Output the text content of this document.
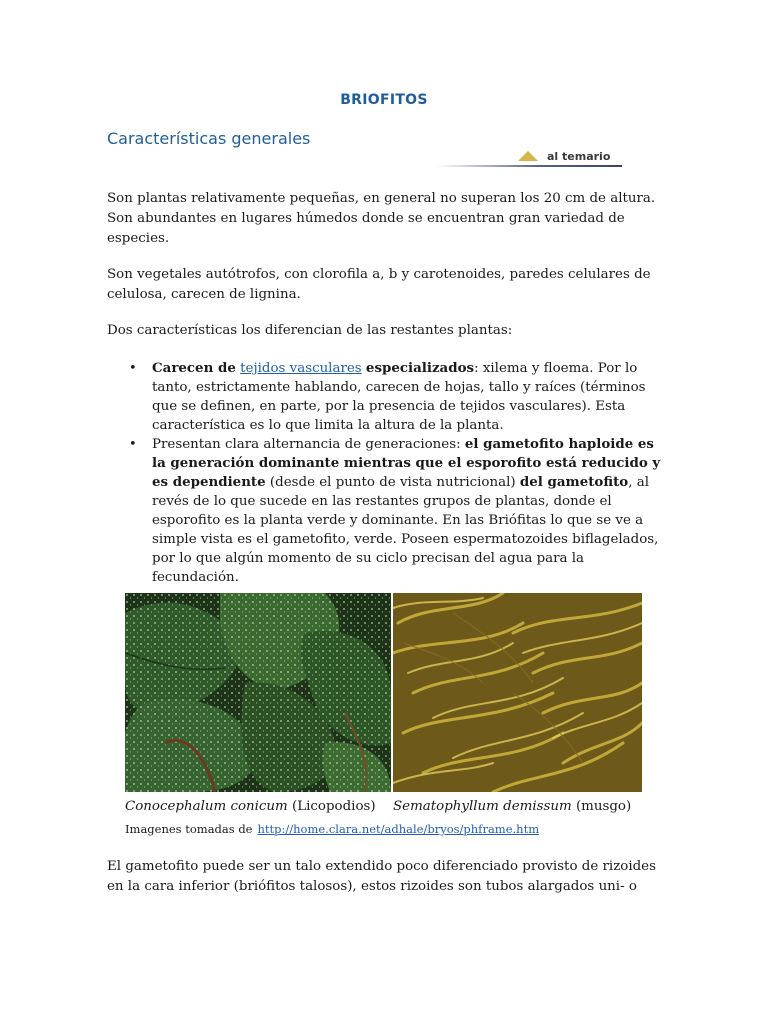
BRIOFITOS
Características generales
al temario

Son plantas relativamente pequeñas, en general no superan los 20 cm de altura. Son abundantes en lugares húmedos donde se encuentran gran variedad de especies.

Son vegetales autótrofos, con clorofila a, b y carotenoides, paredes celulares de celulosa, carecen de lignina.

Dos características los diferencian de las restantes plantas:

• Carecen de tejidos vasculares especializados: xilema y floema. Por lo tanto, estrictamente hablando, carecen de hojas, tallo y raíces (términos que se definen, en parte, por la presencia de tejidos vasculares). Esta característica es lo que limita la altura de la planta.
• Presentan clara alternancia de generaciones: el gametofito haploide es la generación dominante mientras que el esporofito está reducido y es dependiente (desde el punto de vista nutricional) del gametofito, al revés de lo que sucede en las restantes grupos de plantas, donde el esporofito es la planta verde y dominante. En las Briófitas lo que se ve a simple vista es el gametofito, verde. Poseen espermatozoides biflagelados, por lo que algún momento de su ciclo precisan del agua para la fecundación.
Conocephalum conicum (Licopodios) Sematophyllum demissum (musgo)
Imagenes tomadas de http://home.clara.net/adhale/bryos/phframe.htm

El gametofito puede ser un talo extendido poco diferenciado provisto de rizoides en la cara inferior (briófitos talosos), estos rizoides son tubos alargados uni- o
